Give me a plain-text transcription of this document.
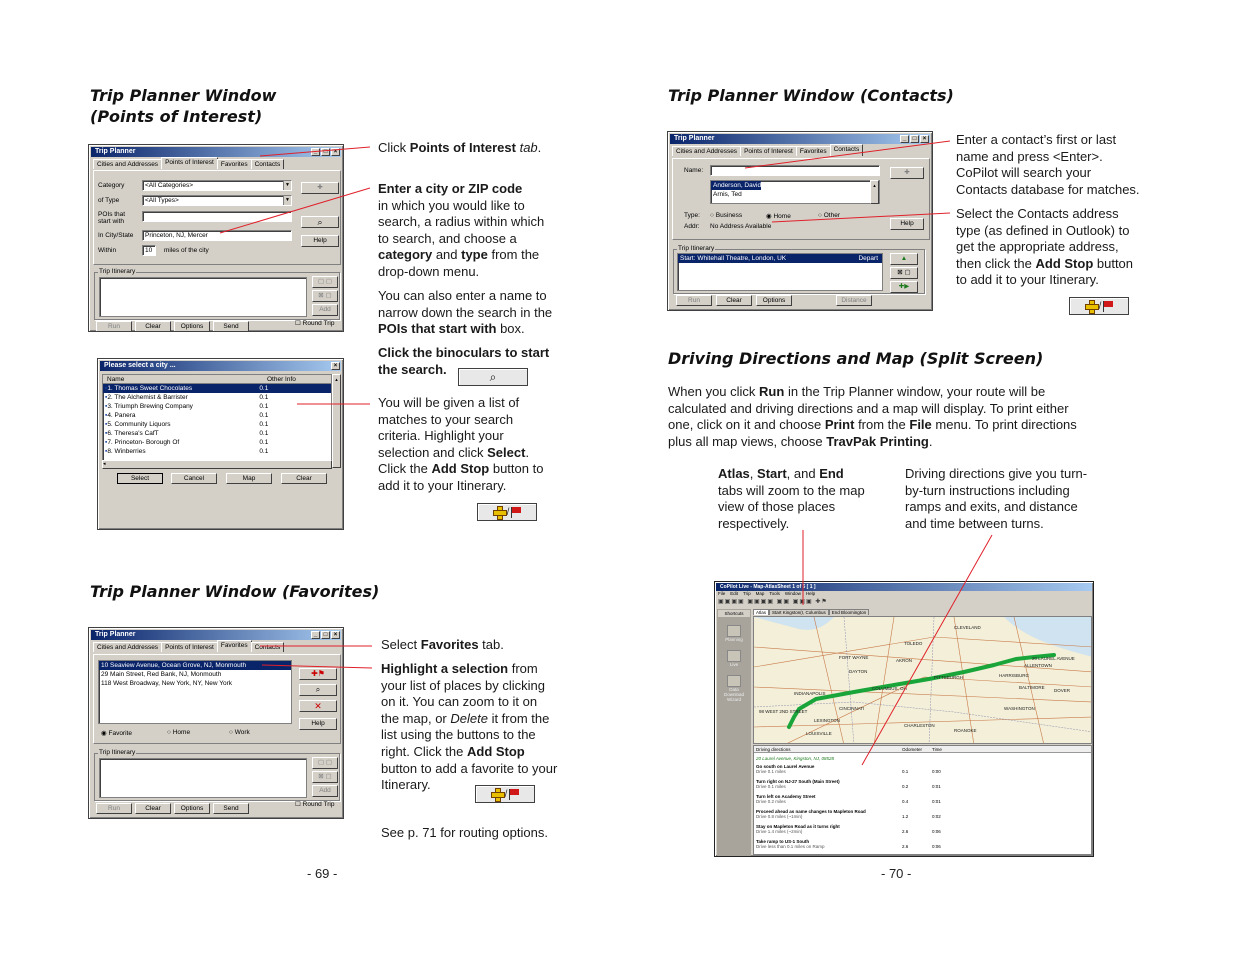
Trip Planner Window
(Points of Interest)
Trip Planner	_	□	×
Cities and Addresses	Points of Interest	Favorites	Contacts
Category	<All Categories>	▼
of Type	<All Types>	▼
POIs that
start with
In City/State	Princeton, NJ, Mercer
Within	10	miles of the city
✚
⌕
Help
Trip Itinerary
▢ ▢
⊠ ▢
Add
Run	Clear	Options	Send	☐ Round Trip
Please select a city ...	×
Name	Other Info
▪ 1. Thomas Sweet Chocolates	0.1
▪ 2. The Alchemist & Barrister	0.1
▪ 3. Triumph Brewing Company	0.1
▪ 4. Panera	0.1
▪ 5. Community Liquors	0.1
▪ 6. Theresa's CafT	0.1
▪ 7. Princeton- Borough Of	0.1
▪ 8. Winberries	0.1
◂
▴
Select	Cancel	Map	Clear
Click Points of Interest tab.
Enter a city or ZIP code
in which you would like to
search, a radius within which
to search, and choose a
category and type from the
drop-down menu.
You can also enter a name to
narrow down the search in the
POIs that start with box.
Click the binoculars to start
the search.
⌕
You will be given a list of
matches to your search
criteria. Highlight your
selection and click Select.
Click the Add Stop button to
add it to your Itinerary.
/
Trip Planner Window (Favorites)
Trip Planner	_	□	×
Cities and Addresses	Points of Interest	Favorites	Contacts
10 Seaview Avenue, Ocean Grove, NJ, Monmouth
29 Main Street, Red Bank, NJ, Monmouth
118 West Broadway, New York, NY, New York
✚⚑
⌕
✕
Help
◉ Favorite	○ Home	○ Work
Trip Itinerary
▢ ▢
⊠ ▢
Add
Run	Clear	Options	Send
☐ Round Trip
Select Favorites tab.
Highlight a selection from
your list of places by clicking
on it. You can zoom to it on
the map, or Delete it from the
list using the buttons to the
right. Click the Add Stop
button to add a favorite to your
Itinerary.
/
See p. 71 for routing options.
- 69 -
Trip Planner Window (Contacts)
Trip Planner	_	□	×
Cities and Addresses	Points of Interest	Favorites	Contacts
Name:
Anderson, David
Arnis, Ted
▴
✚
Type: ○ Business	◉ Home	○ Other
Addr: No Address Available	Help
Trip Itinerary
Start: Whitehall Theatre, London, UK	Depart	▲
⊠ ▢
✚▶
Run	Clear	Options	Distance
Enter a contact’s first or last
name and press <Enter>.
CoPilot will search your
Contacts database for matches.
Select the Contacts address
type (as defined in Outlook) to
get the appropriate address,
then click the Add Stop button
to add it to your Itinerary.
/
Driving Directions and Map (Split Screen)
When you click Run in the Trip Planner window, your route will be
calculated and driving directions and a map will display. To print either
one, click on it and choose Print from the File menu. To print directions
plus all map views, choose TravPak Printing.
Atlas, Start, and End
tabs will zoom to the map
view of those places
respectively.
Driving directions give you turn-
by-turn instructions including
ramps and exits, and distance
and time between turns.
CoPilot Live - Map-AtlasSheet 1 of 6 [ 1 ]
File Edit Trip Map Tools Window Help
▣▣▣▣ ▣▣▣▣ ▣▣ ▣▣▣ ✚⚑
Shortcuts
Planning
Live
Data Download Wizard
Atlas	Start Kingston(I, Columbus	End Bloomington
FORT WAYNE
AKRON
TOLEDO
PITTSBURGH
COLUMBUS, OH
INDIANAPOLIS
HARRISBURG
20 LAUREL AVENUE
WASHINGTON
LOUISVILLE
CINCINNATI
DAYTON
CHARLESTON
BALTIMORE
CLEVELAND
DOVER
ROANOKE
LEXINGTON
ALLENTOWN
98 WEST 2ND STREET
Driving directions	Odometer	Time
20 Laurel Avenue, Kingston, NJ, 08528
Go south on Laurel Avenue
Drive 0.1 miles	0.1	0:00
Turn right on NJ-27 South (Main Street)
Drive 0.1 miles	0.2	0:01
Turn left on Academy Street
Drive 0.2 miles	0.4	0:01
Proceed ahead as name changes to Mapleton Road
Drive 0.8 miles (~1min)	1.2	0:02
Stay on Mapleton Road as it turns right
Drive 1.4 miles (~2min)	2.6	0:06
Take ramp to US-1 South
Drive less than 0.1 miles on Ramp	2.6	0:06
- 70 -
